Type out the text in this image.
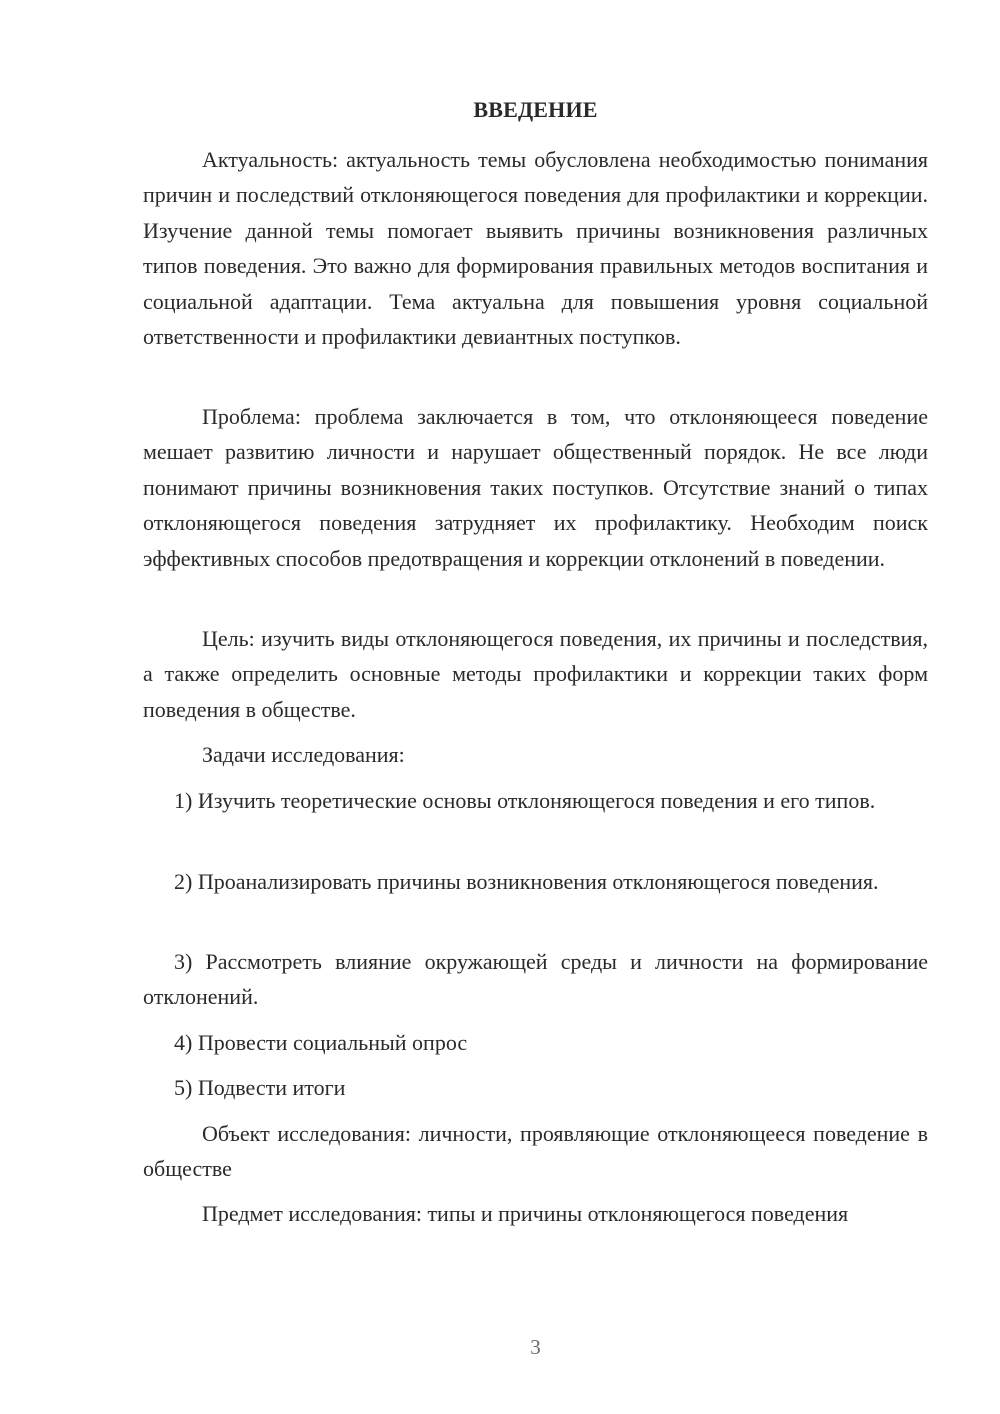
ВВЕДЕНИЕ

Актуальность: актуальность темы обусловлена необходимостью понимания причин и последствий отклоняющегося поведения для профилактики и коррекции. Изучение данной темы помогает выявить причины возникновения различных типов поведения. Это важно для формирования правильных методов воспитания и социальной адаптации. Тема актуальна для повышения уровня социальной ответственности и профилактики девиантных поступков.

Проблема: проблема заключается в том, что отклоняющееся поведение мешает развитию личности и нарушает общественный порядок. Не все люди понимают причины возникновения таких поступков. Отсутствие знаний о типах отклоняющегося поведения затрудняет их профилактику. Необходим поиск эффективных способов предотвращения и коррекции отклонений в поведении.

Цель: изучить виды отклоняющегося поведения, их причины и последствия, а также определить основные методы профилактики и коррекции таких форм поведения в обществе.

Задачи исследования:

1) Изучить теоретические основы отклоняющегося поведения и его типов.

2) Проанализировать причины возникновения отклоняющегося поведения.

3) Рассмотреть влияние окружающей среды и личности на формирование отклонений.

4) Провести социальный опрос

5) Подвести итоги

Объект исследования: личности, проявляющие отклоняющееся поведение в обществе

Предмет исследования: типы и причины отклоняющегося поведения

3
